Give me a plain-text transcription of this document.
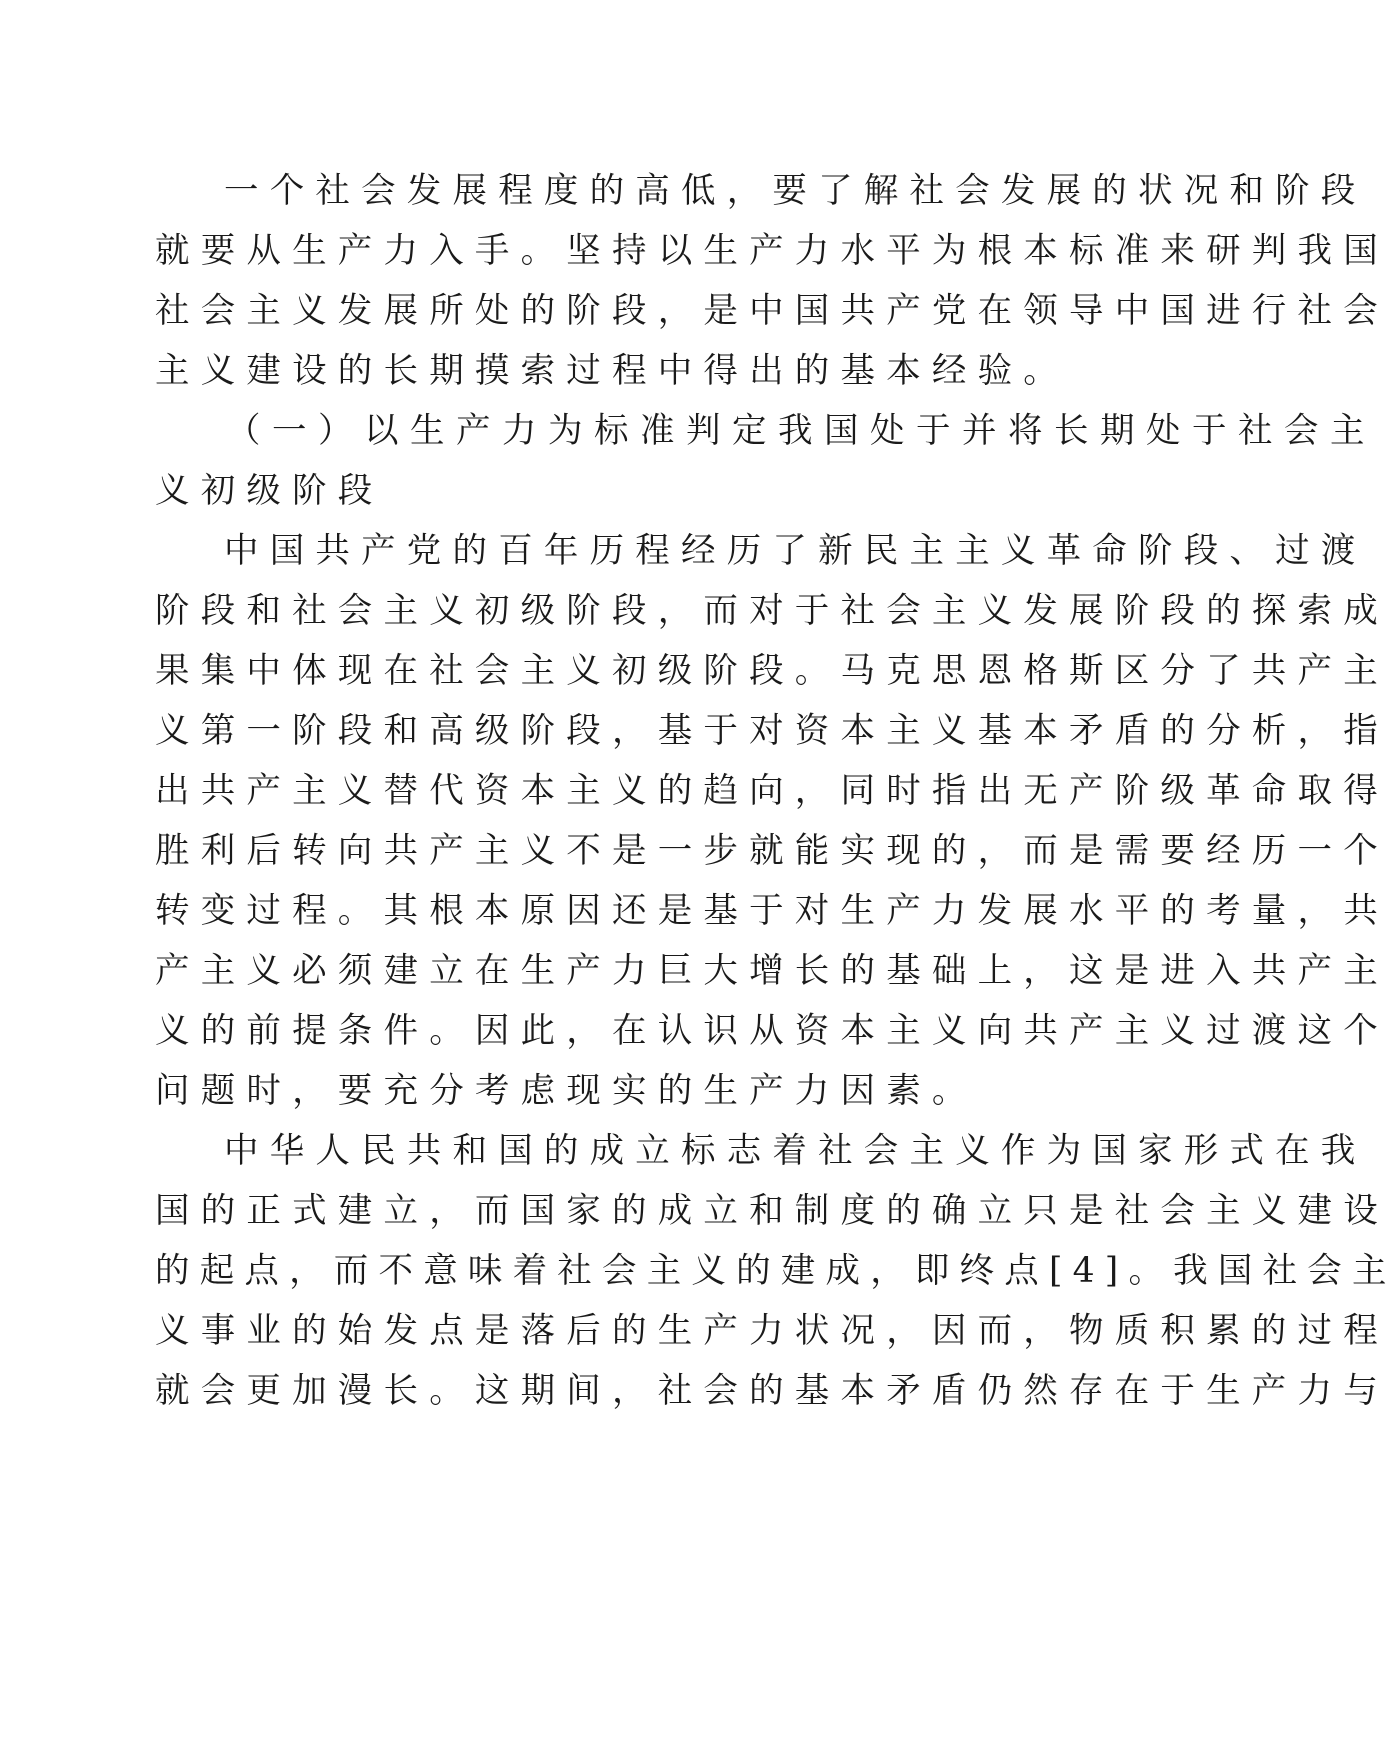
一个社会发展程度的高低，要了解社会发展的状况和阶段
就要从生产力入手。坚持以生产力水平为根本标准来研判我国
社会主义发展所处的阶段，是中国共产党在领导中国进行社会
主义建设的长期摸索过程中得出的基本经验。
（一）以生产力为标准判定我国处于并将长期处于社会主
义初级阶段
中国共产党的百年历程经历了新民主主义革命阶段、过渡
阶段和社会主义初级阶段，而对于社会主义发展阶段的探索成
果集中体现在社会主义初级阶段。马克思恩格斯区分了共产主
义第一阶段和高级阶段，基于对资本主义基本矛盾的分析，指
出共产主义替代资本主义的趋向，同时指出无产阶级革命取得
胜利后转向共产主义不是一步就能实现的，而是需要经历一个
转变过程。其根本原因还是基于对生产力发展水平的考量，共
产主义必须建立在生产力巨大增长的基础上，这是进入共产主
义的前提条件。因此，在认识从资本主义向共产主义过渡这个
问题时，要充分考虑现实的生产力因素。
中华人民共和国的成立标志着社会主义作为国家形式在我
国的正式建立，而国家的成立和制度的确立只是社会主义建设
的起点，而不意味着社会主义的建成，即终点[4]。我国社会主
义事业的始发点是落后的生产力状况，因而，物质积累的过程
就会更加漫长。这期间，社会的基本矛盾仍然存在于生产力与
